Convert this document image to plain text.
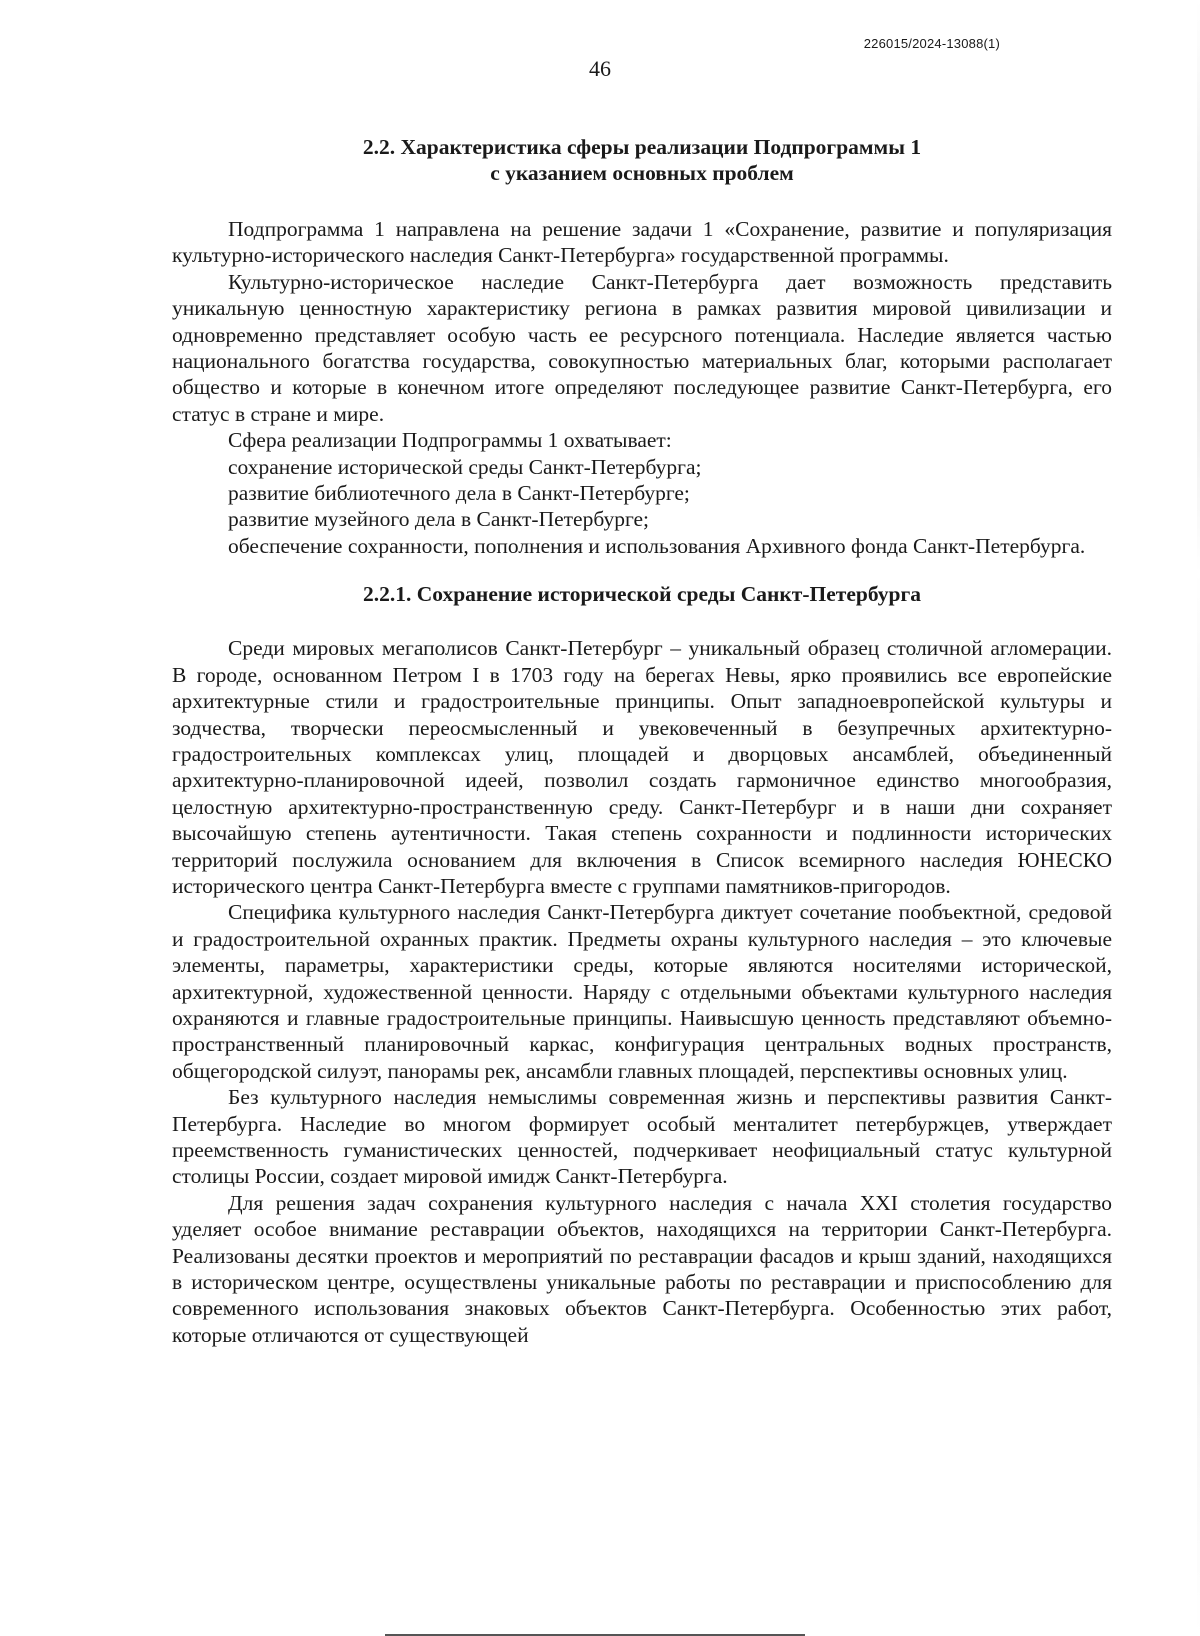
226015/2024-13088(1)
46
2.2. Характеристика сферы реализации Подпрограммы 1
с указанием основных проблем

Подпрограмма 1 направлена на решение задачи 1 «Сохранение, развитие и популяризация культурно-исторического наследия Санкт-Петербурга» государственной программы.

Культурно-историческое наследие Санкт-Петербурга дает возможность представить уникальную ценностную характеристику региона в рамках развития мировой цивилизации и одновременно представляет особую часть ее ресурсного потенциала. Наследие является частью национального богатства государства, совокупностью материальных благ, которыми располагает общество и которые в конечном итоге определяют последующее развитие Санкт-Петербурга, его статус в стране и мире.

Сфера реализации Подпрограммы 1 охватывает:

сохранение исторической среды Санкт-Петербурга;

развитие библиотечного дела в Санкт-Петербурге;

развитие музейного дела в Санкт-Петербурге;

обеспечение сохранности, пополнения и использования Архивного фонда Санкт-Петербурга.

2.2.1. Сохранение исторической среды Санкт-Петербурга

Среди мировых мегаполисов Санкт-Петербург – уникальный образец столичной агломерации. В городе, основанном Петром I в 1703 году на берегах Невы, ярко проявились все европейские архитектурные стили и градостроительные принципы. Опыт западноевропейской культуры и зодчества, творчески переосмысленный и увековеченный в безупречных архитектурно-градостроительных комплексах улиц, площадей и дворцовых ансамблей, объединенный архитектурно-планировочной идеей, позволил создать гармоничное единство многообразия, целостную архитектурно-пространственную среду. Санкт-Петербург и в наши дни сохраняет высочайшую степень аутентичности. Такая степень сохранности и подлинности исторических территорий послужила основанием для включения в Список всемирного наследия ЮНЕСКО исторического центра Санкт-Петербурга вместе с группами памятников-пригородов.

Специфика культурного наследия Санкт-Петербурга диктует сочетание пообъектной, средовой и градостроительной охранных практик. Предметы охраны культурного наследия – это ключевые элементы, параметры, характеристики среды, которые являются носителями исторической, архитектурной, художественной ценности. Наряду с отдельными объектами культурного наследия охраняются и главные градостроительные принципы. Наивысшую ценность представляют объемно-пространственный планировочный каркас, конфигурация центральных водных пространств, общегородской силуэт, панорамы рек, ансамбли главных площадей, перспективы основных улиц.

Без культурного наследия немыслимы современная жизнь и перспективы развития Санкт-Петербурга. Наследие во многом формирует особый менталитет петербуржцев, утверждает преемственность гуманистических ценностей, подчеркивает неофициальный статус культурной столицы России, создает мировой имидж Санкт-Петербурга.

Для решения задач сохранения культурного наследия с начала XXI столетия государство уделяет особое внимание реставрации объектов, находящихся на территории Санкт-Петербурга. Реализованы десятки проектов и мероприятий по реставрации фасадов и крыш зданий, находящихся в историческом центре, осуществлены уникальные работы по реставрации и приспособлению для современного использования знаковых объектов Санкт-Петербурга. Особенностью этих работ, которые отличаются от существующей
